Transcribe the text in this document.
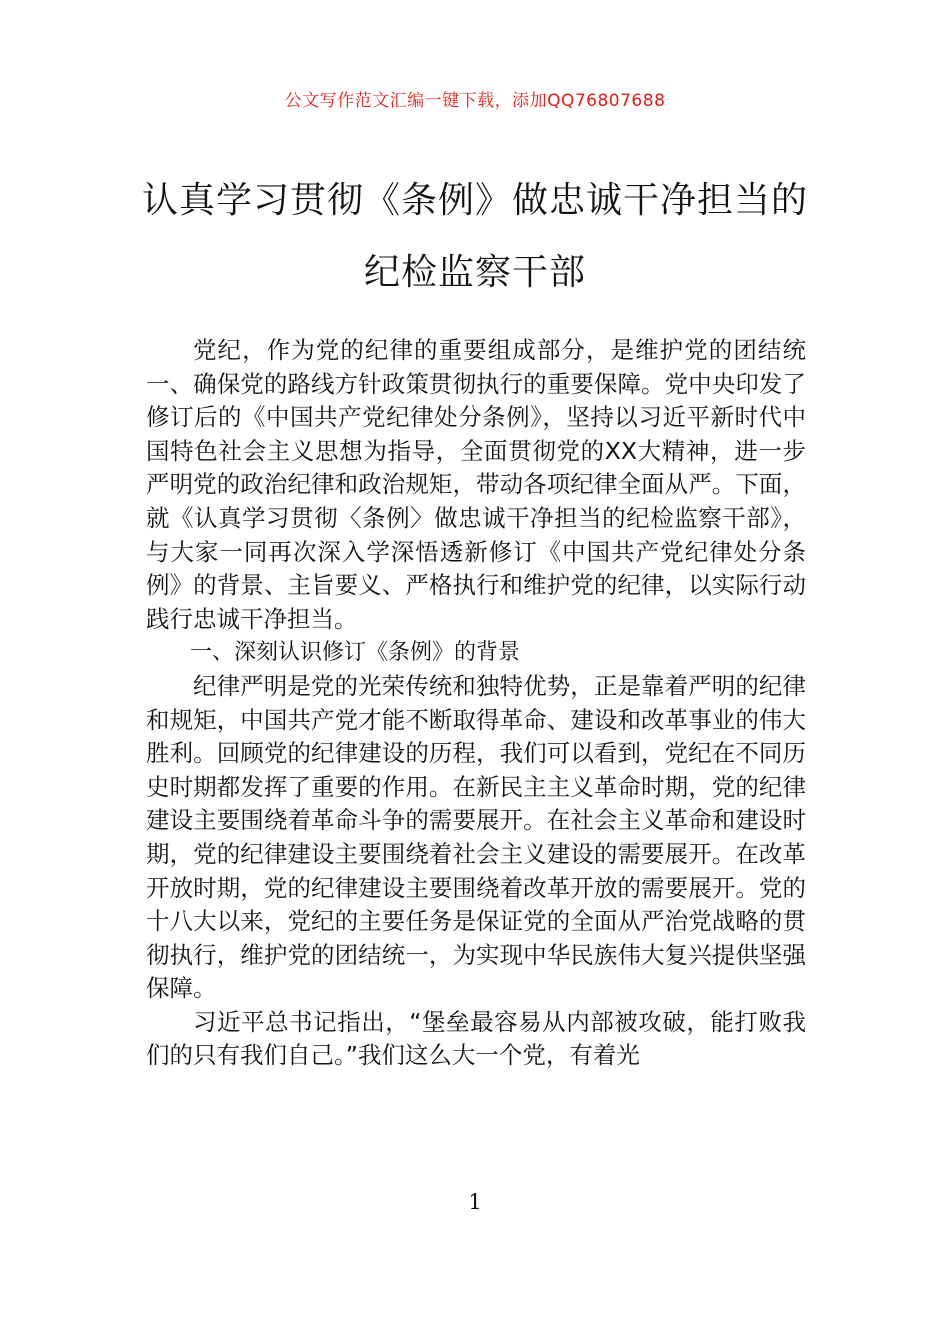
公文写作范文汇编一键下载，添加QQ76807688
认真学习贯彻《条例》做忠诚干净担当的
纪检监察干部

党纪，作为党的纪律的重要组成部分，是维护党的团结统一、确保党的路线方针政策贯彻执行的重要保障。党中央印发了修订后的《中国共产党纪律处分条例》，坚持以习近平新时代中国特色社会主义思想为指导，全面贯彻党的XX大精神，进一步严明党的政治纪律和政治规矩，带动各项纪律全面从严。下面，就《认真学习贯彻〈条例〉做忠诚干净担当的纪检监察干部》，与大家一同再次深入学深悟透新修订《中国共产党纪律处分条例》的背景、主旨要义、严格执行和维护党的纪律，以实际行动践行忠诚干净担当。

一、深刻认识修订《条例》的背景

纪律严明是党的光荣传统和独特优势，正是靠着严明的纪律和规矩，中国共产党才能不断取得革命、建设和改革事业的伟大胜利。回顾党的纪律建设的历程，我们可以看到，党纪在不同历史时期都发挥了重要的作用。在新民主主义革命时期，党的纪律建设主要围绕着革命斗争的需要展开。在社会主义革命和建设时期，党的纪律建设主要围绕着社会主义建设的需要展开。在改革开放时期，党的纪律建设主要围绕着改革开放的需要展开。党的十八大以来，党纪的主要任务是保证党的全面从严治党战略的贯彻执行，维护党的团结统一，为实现中华民族伟大复兴提供坚强保障。

习近平总书记指出，“堡垒最容易从内部被攻破，能打败我们的只有我们自己。”我们这么大一个党，有着光

1
